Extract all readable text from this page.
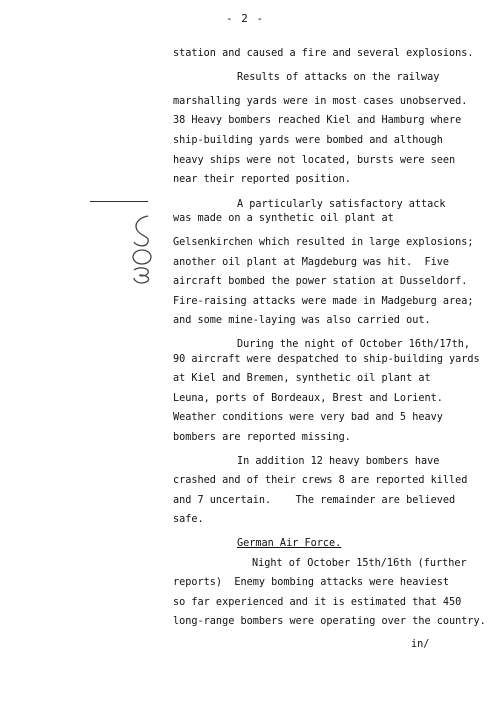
- 2 -
station and caused a fire and several explosions.
Results of attacks on the railway
marshalling yards were in most cases unobserved.
38 Heavy bombers reached Kiel and Hamburg where
ship-building yards were bombed and although
heavy ships were not located, bursts were seen
near their reported position.
A particularly satisfactory attack
was made on a synthetic oil plant at
Gelsenkirchen which resulted in large explosions;
another oil plant at Magdeburg was hit.  Five
aircraft bombed the power station at Dusseldorf.
Fire-raising attacks were made in Madgeburg area;
and some mine-laying was also carried out.
During the night of October 16th/17th,
90 aircraft were despatched to ship-building yards
at Kiel and Bremen, synthetic oil plant at
Leuna, ports of Bordeaux, Brest and Lorient.
Weather conditions were very bad and 5 heavy
bombers are reported missing.
In addition 12 heavy bombers have
crashed and of their crews 8 are reported killed
and 7 uncertain.    The remainder are believed
safe.
German Air Force.
Night of October 15th/16th (further
reports)  Enemy bombing attacks were heaviest
so far experienced and it is estimated that 450
long-range bombers were operating over the country.
in/
